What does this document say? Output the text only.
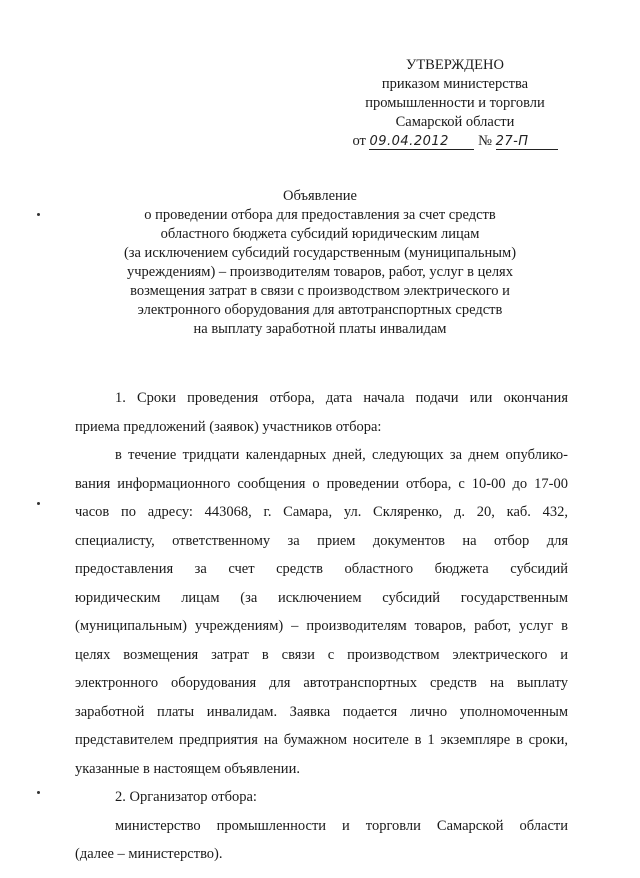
УТВЕРЖДЕНО
приказом министерства
промышленности и торговли
Самарской области
от 09.04.2012 № 27-П
Объявление
о проведении отбора для предоставления за счет средств
областного бюджета субсидий юридическим лицам
(за исключением субсидий государственным (муниципальным)
учреждениям) – производителям товаров, работ, услуг в целях
возмещения затрат в связи с производством электрического и
электронного оборудования для автотранспортных средств
на выплату заработной платы инвалидам
1. Сроки проведения отбора, дата начала подачи или окончания
приема предложений (заявок) участников отбора:
в течение тридцати календарных дней, следующих за днем опублико-
вания информационного сообщения о проведении отбора, с 10-00 до 17-00
часов по адресу: 443068, г. Самара, ул. Скляренко, д. 20, каб. 432,
специалисту, ответственному за прием документов на отбор для
предоставления за счет средств областного бюджета субсидий
юридическим лицам (за исключением субсидий государственным
(муниципальным) учреждениям) – производителям товаров, работ, услуг в
целях возмещения затрат в связи с производством электрического и
электронного оборудования для автотранспортных средств на выплату
заработной платы инвалидам. Заявка подается лично уполномоченным
представителем предприятия на бумажном носителе в 1 экземпляре в сроки,
указанные в настоящем объявлении.
2. Организатор отбора:
министерство промышленности и торговли Самарской области
(далее – министерство).
